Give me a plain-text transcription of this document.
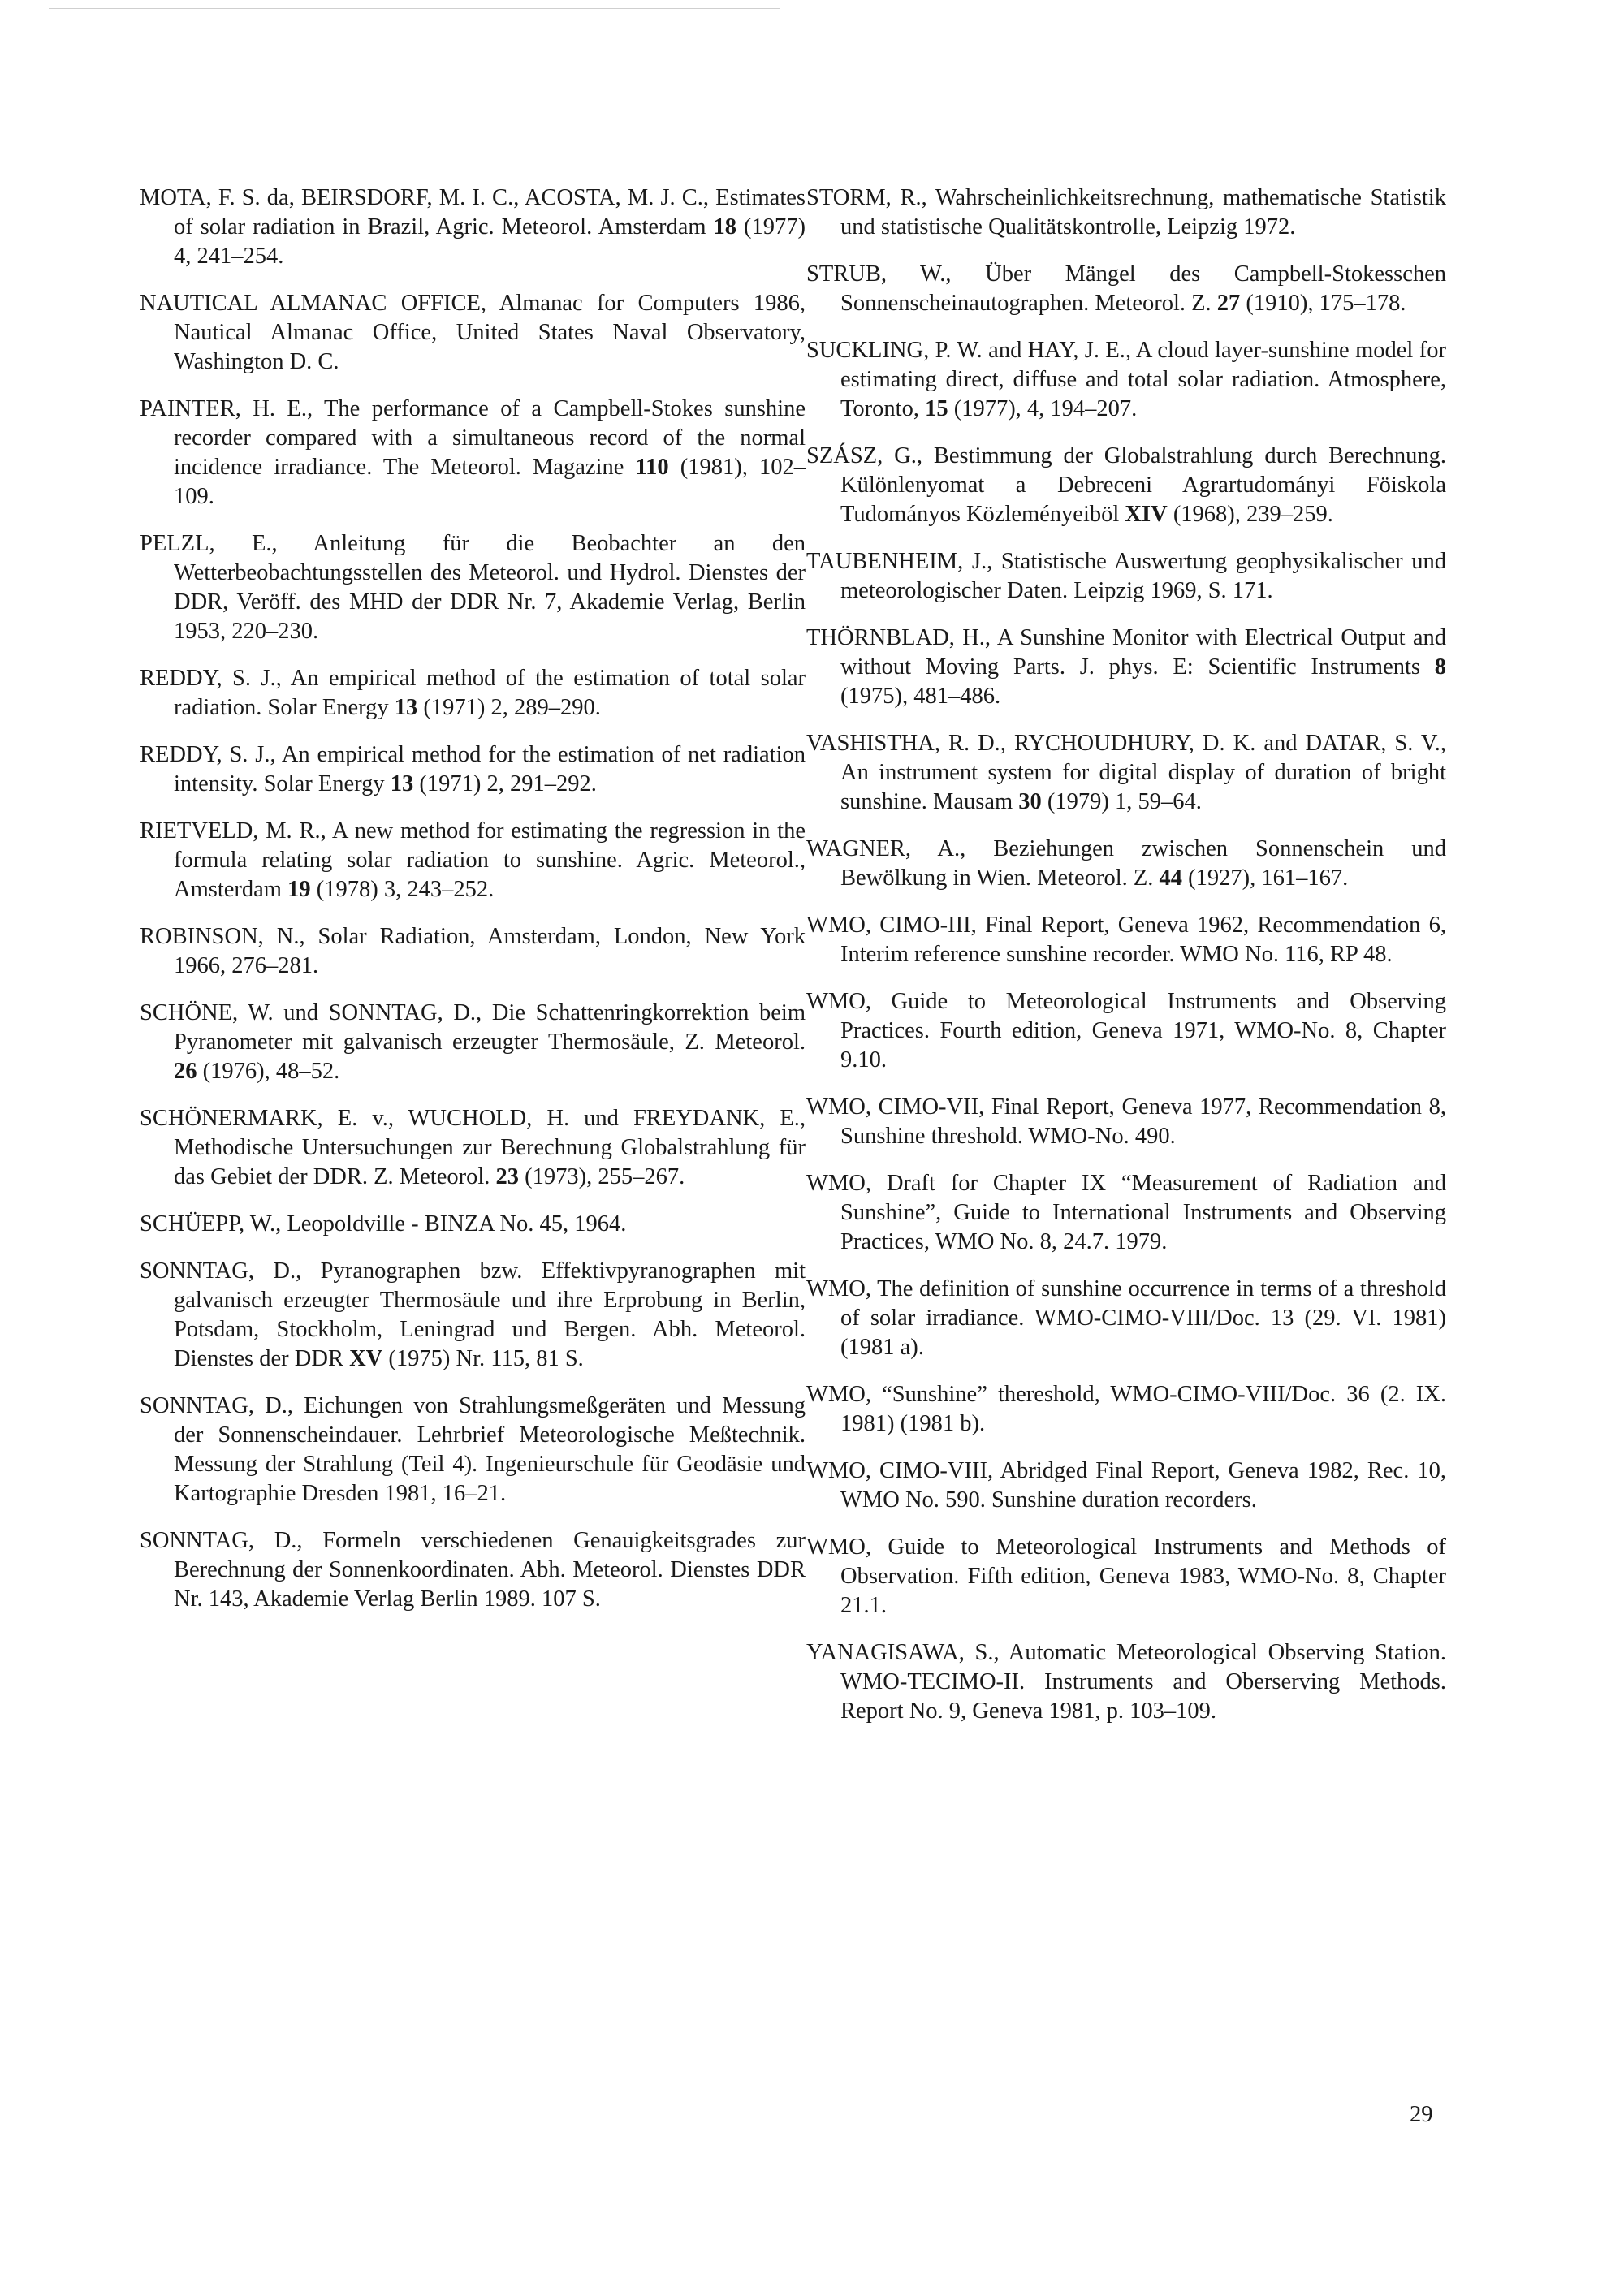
MOTA, F. S. da, BEIRSDORF, M. I. C., ACOSTA, M. J. C., Estimates of solar radiation in Brazil, Agric. Meteorol. Amsterdam 18 (1977) 4, 241–254.

NAUTICAL ALMANAC OFFICE, Almanac for Computers 1986, Nautical Almanac Office, United States Naval Observatory, Washington D. C.

PAINTER, H. E., The performance of a Campbell-Stokes sunshine recorder compared with a simultaneous record of the normal incidence irradiance. The Meteorol. Magazine 110 (1981), 102–109.

PELZL, E., Anleitung für die Beobachter an den Wetterbeobachtungsstellen des Meteorol. und Hydrol. Dienstes der DDR, Veröff. des MHD der DDR Nr. 7, Akademie Verlag, Berlin 1953, 220–230.

REDDY, S. J., An empirical method of the estimation of total solar radiation. Solar Energy 13 (1971) 2, 289–290.

REDDY, S. J., An empirical method for the estimation of net radiation intensity. Solar Energy 13 (1971) 2, 291–292.

RIETVELD, M. R., A new method for estimating the regression in the formula relating solar radiation to sunshine. Agric. Meteorol., Amsterdam 19 (1978) 3, 243–252.

ROBINSON, N., Solar Radiation, Amsterdam, London, New York 1966, 276–281.

SCHÖNE, W. und SONNTAG, D., Die Schattenringkorrektion beim Pyranometer mit galvanisch erzeugter Thermosäule, Z. Meteorol. 26 (1976), 48–52.

SCHÖNERMARK, E. v., WUCHOLD, H. und FREYDANK, E., Methodische Untersuchungen zur Berechnung Globalstrahlung für das Gebiet der DDR. Z. Meteorol. 23 (1973), 255–267.

SCHÜEPP, W., Leopoldville - BINZA No. 45, 1964.

SONNTAG, D., Pyranographen bzw. Effektivpyranographen mit galvanisch erzeugter Thermosäule und ihre Erprobung in Berlin, Potsdam, Stockholm, Leningrad und Bergen. Abh. Meteorol. Dienstes der DDR XV (1975) Nr. 115, 81 S.

SONNTAG, D., Eichungen von Strahlungsmeßgeräten und Messung der Sonnenscheindauer. Lehrbrief Meteorologische Meßtechnik. Messung der Strahlung (Teil 4). Ingenieurschule für Geodäsie und Kartographie Dresden 1981, 16–21.

SONNTAG, D., Formeln verschiedenen Genauigkeitsgrades zur Berechnung der Sonnenkoordinaten. Abh. Meteorol. Dienstes DDR Nr. 143, Akademie Verlag Berlin 1989. 107 S.

STORM, R., Wahrscheinlichkeitsrechnung, mathematische Statistik und statistische Qualitätskontrolle, Leipzig 1972.

STRUB, W., Über Mängel des Campbell-Stokesschen Sonnenscheinautographen. Meteorol. Z. 27 (1910), 175–178.

SUCKLING, P. W. and HAY, J. E., A cloud layer-sunshine model for estimating direct, diffuse and total solar radiation. Atmosphere, Toronto, 15 (1977), 4, 194–207.

SZÁSZ, G., Bestimmung der Globalstrahlung durch Berechnung. Különlenyomat a Debreceni Agrartudományi Föiskola Tudományos Közleményeiböl XIV (1968), 239–259.

TAUBENHEIM, J., Statistische Auswertung geophysikalischer und meteorologischer Daten. Leipzig 1969, S. 171.

THÖRNBLAD, H., A Sunshine Monitor with Electrical Output and without Moving Parts. J. phys. E: Scientific Instruments 8 (1975), 481–486.

VASHISTHA, R. D., RYCHOUDHURY, D. K. and DATAR, S. V., An instrument system for digital display of duration of bright sunshine. Mausam 30 (1979) 1, 59–64.

WAGNER, A., Beziehungen zwischen Sonnenschein und Bewölkung in Wien. Meteorol. Z. 44 (1927), 161–167.

WMO, CIMO-III, Final Report, Geneva 1962, Recommendation 6, Interim reference sunshine recorder. WMO No. 116, RP 48.

WMO, Guide to Meteorological Instruments and Observing Practices. Fourth edition, Geneva 1971, WMO-No. 8, Chapter 9.10.

WMO, CIMO-VII, Final Report, Geneva 1977, Recommendation 8, Sunshine threshold. WMO-No. 490.

WMO, Draft for Chapter IX “Measurement of Radiation and Sunshine”, Guide to International Instruments and Observing Practices, WMO No. 8, 24.7. 1979.

WMO, The definition of sunshine occurrence in terms of a threshold of solar irradiance. WMO-CIMO-VIII/Doc. 13 (29. VI. 1981) (1981 a).

WMO, “Sunshine” thereshold, WMO-CIMO-VIII/Doc. 36 (2. IX. 1981) (1981 b).

WMO, CIMO-VIII, Abridged Final Report, Geneva 1982, Rec. 10, WMO No. 590. Sunshine duration recorders.

WMO, Guide to Meteorological Instruments and Methods of Observation. Fifth edition, Geneva 1983, WMO-No. 8, Chapter 21.1.

YANAGISAWA, S., Automatic Meteorological Observing Station. WMO-TECIMO-II. Instruments and Oberserving Methods. Report No. 9, Geneva 1981, p. 103–109.

29
